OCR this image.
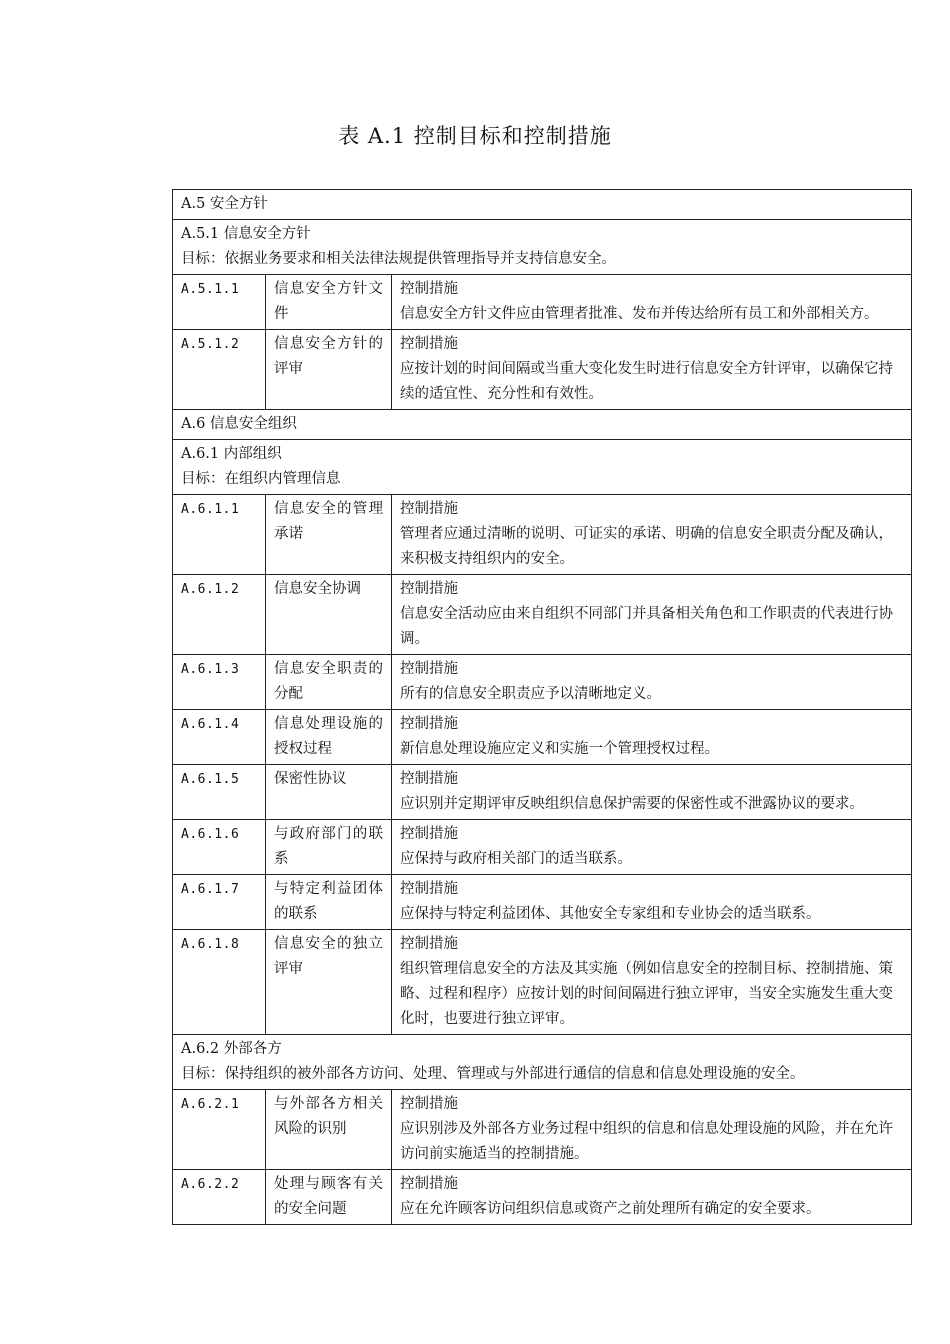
表 A.1 控制目标和控制措施
A.5 安全方针		

A.5.1 信息安全方针
目标：依据业务要求和相关法律法规提供管理指导并支持信息安全。		

A.5.1.1	信息安全方针文件	控制措施
信息安全方针文件应由管理者批准、发布并传达给所有员工和外部相关方。

A.5.1.2	信息安全方针的评审	控制措施
应按计划的时间间隔或当重大变化发生时进行信息安全方针评审，以确保它持续的适宜性、充分性和有效性。

A.6 信息安全组织		

A.6.1 内部组织
目标：在组织内管理信息		

A.6.1.1	信息安全的管理承诺	控制措施
管理者应通过清晰的说明、可证实的承诺、明确的信息安全职责分配及确认，来积极支持组织内的安全。

A.6.1.2	信息安全协调	控制措施
信息安全活动应由来自组织不同部门并具备相关角色和工作职责的代表进行协调。

A.6.1.3	信息安全职责的分配	控制措施
所有的信息安全职责应予以清晰地定义。

A.6.1.4	信息处理设施的授权过程	控制措施
新信息处理设施应定义和实施一个管理授权过程。

A.6.1.5	保密性协议	控制措施
应识别并定期评审反映组织信息保护需要的保密性或不泄露协议的要求。

A.6.1.6	与政府部门的联系	控制措施
应保持与政府相关部门的适当联系。

A.6.1.7	与特定利益团体的联系	控制措施
应保持与特定利益团体、其他安全专家组和专业协会的适当联系。

A.6.1.8	信息安全的独立评审	控制措施
组织管理信息安全的方法及其实施（例如信息安全的控制目标、控制措施、策略、过程和程序）应按计划的时间间隔进行独立评审，当安全实施发生重大变化时，也要进行独立评审。

A.6.2 外部各方
目标：保持组织的被外部各方访问、处理、管理或与外部进行通信的信息和信息处理设施的安全。		

A.6.2.1	与外部各方相关风险的识别	控制措施
应识别涉及外部各方业务过程中组织的信息和信息处理设施的风险，并在允许访问前实施适当的控制措施。

A.6.2.2	处理与顾客有关的安全问题	控制措施
应在允许顾客访问组织信息或资产之前处理所有确定的安全要求。
